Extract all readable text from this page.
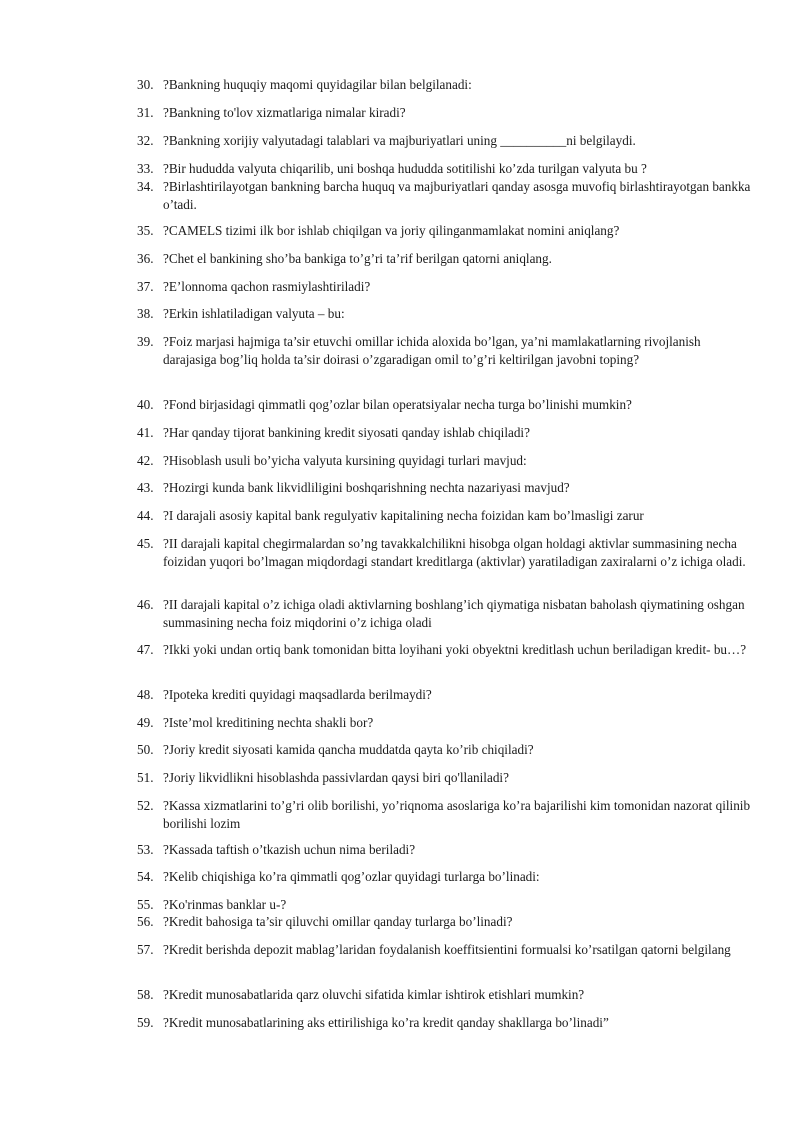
30. ?Bankning huquqiy maqomi quyidagilar bilan belgilanadi:
31. ?Bankning to'lov xizmatlariga nimalar kiradi?
32. ?Bankning xorijiy valyutadagi talablari va majburiyatlari uning __________ni belgilaydi.
33. ?Bir hududda valyuta chiqarilib, uni boshqa hududda sotitilishi ko’zda turilgan valyuta bu ?
34. ?Birlashtirilayotgan bankning barcha huquq va majburiyatlari qanday asosga muvofiq birlashtirayotgan bankka o’tadi.
35. ?CAMELS tizimi ilk bor ishlab chiqilgan va joriy qilinganmamlakat nomini aniqlang?
36. ?Chet el bankining sho’ba bankiga to’g’ri ta’rif berilgan qatorni aniqlang.
37. ?E’lonnoma qachon rasmiylashtiriladi?
38. ?Erkin ishlatiladigan valyuta – bu:
39. ?Foiz marjasi hajmiga ta’sir etuvchi omillar ichida aloxida bo’lgan, ya’ni mamlakatlarning rivojlanish darajasiga bog’liq holda ta’sir doirasi o’zgaradigan omil to’g’ri keltirilgan javobni toping?
40. ?Fond birjasidagi qimmatli qog’ozlar bilan operatsiyalar necha turga bo’linishi mumkin?
41. ?Har qanday tijorat bankining kredit siyosati qanday ishlab chiqiladi?
42. ?Hisoblash usuli bo’yicha valyuta kursining quyidagi turlari mavjud:
43. ?Hozirgi kunda bank likvidliligini boshqarishning nechta nazariyasi mavjud?
44. ?I darajali asosiy kapital bank regulyativ kapitalining necha foizidan kam bo’lmasligi zarur
45. ?II darajali kapital chegirmalardan so’ng tavakkalchilikni hisobga olgan holdagi aktivlar summasining necha foizidan yuqori bo’lmagan miqdordagi standart kreditlarga (aktivlar) yaratiladigan zaxiralarni o’z ichiga oladi.
46. ?II darajali kapital o’z ichiga oladi aktivlarning boshlang’ich qiymatiga nisbatan baholash qiymatining oshgan summasining necha foiz miqdorini o’z ichiga oladi
47. ?Ikki yoki undan ortiq bank tomonidan bitta loyihani yoki obyektni kreditlash uchun beriladigan kredit- bu…?
48. ?Ipoteka krediti quyidagi maqsadlarda berilmaydi?
49. ?Iste’mol kreditining nechta shakli bor?
50. ?Joriy kredit siyosati kamida qancha muddatda qayta ko’rib chiqiladi?
51. ?Joriy likvidlikni hisoblashda passivlardan qaysi biri qo'llaniladi?
52. ?Kassa xizmatlarini to’g’ri olib borilishi, yo’riqnoma asoslariga ko’ra bajarilishi kim tomonidan nazorat qilinib borilishi lozim
53. ?Kassada taftish o’tkazish uchun nima beriladi?
54. ?Kelib chiqishiga ko’ra qimmatli qog’ozlar quyidagi turlarga bo’linadi:
55. ?Ko'rinmas banklar u-?
56. ?Kredit bahosiga ta’sir qiluvchi omillar qanday turlarga bo’linadi?
57. ?Kredit berishda depozit mablag’laridan foydalanish koeffitsientini formualsi ko’rsatilgan qatorni belgilang
58. ?Kredit munosabatlarida qarz oluvchi sifatida kimlar ishtirok etishlari mumkin?
59. ?Kredit munosabatlarining aks ettirilishiga ko’ra kredit qanday shakllarga bo’linadi”
